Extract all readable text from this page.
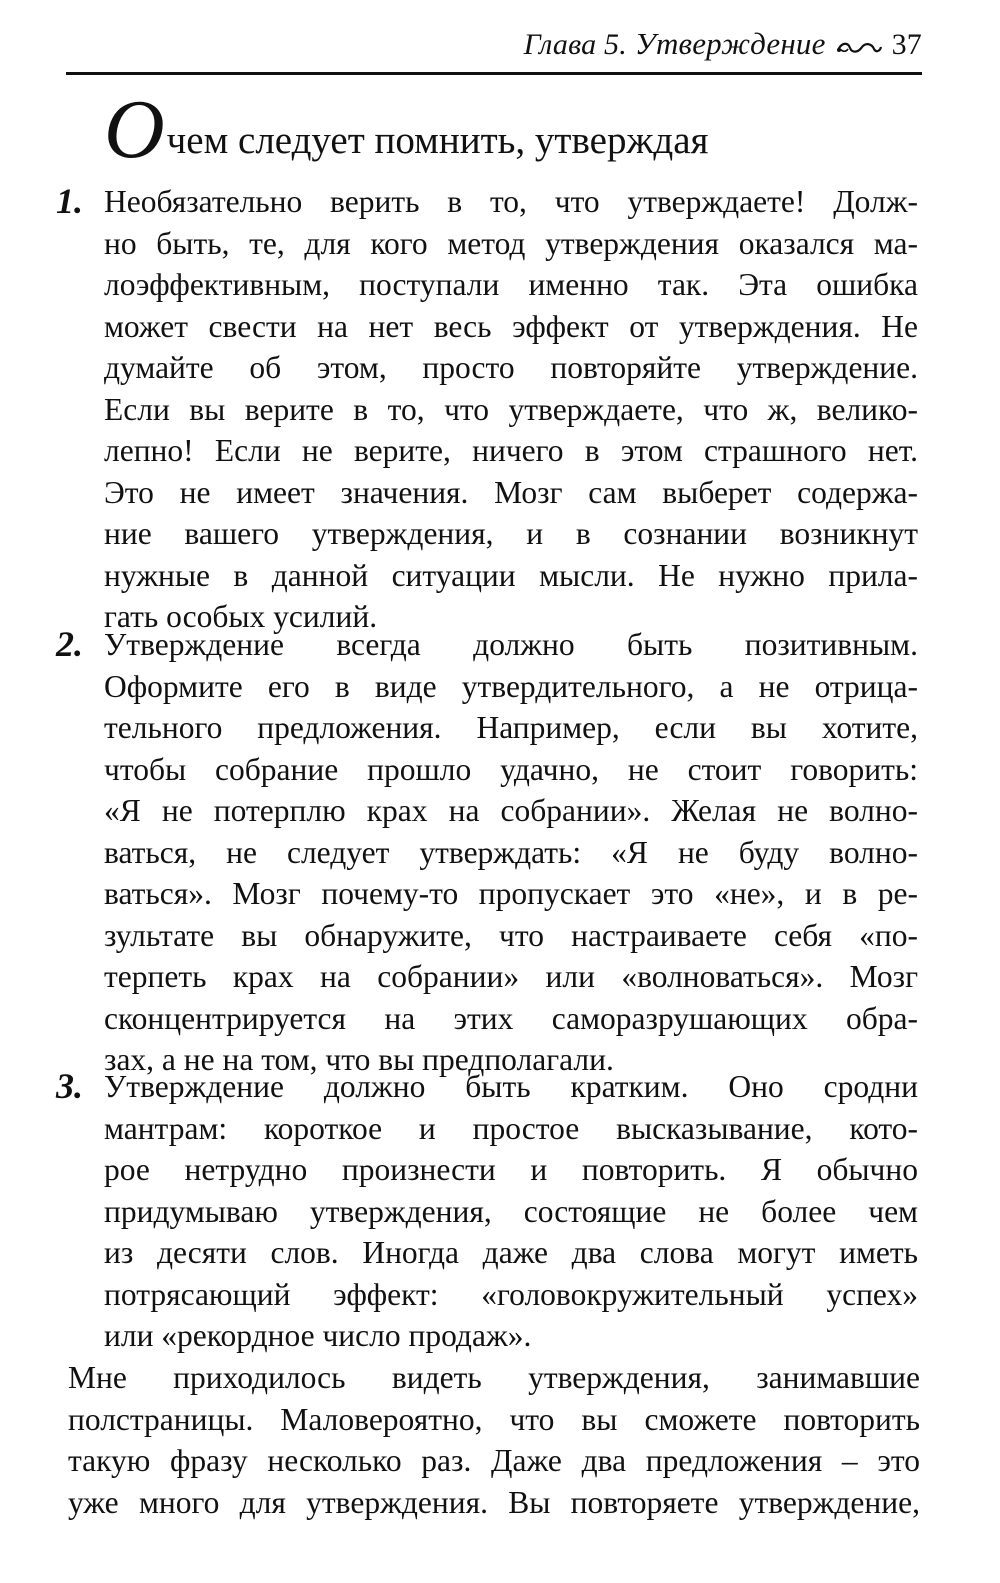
Глава 5. Утверждение 37
Очем следует помнить, утверждая
1. Необязательно верить в то, что утверждаете! Долж-
но быть, те, для кого метод утверждения оказался ма-
лоэффективным, поступали именно так. Эта ошибка
может свести на нет весь эффект от утверждения. Не
думайте об этом, просто повторяйте утверждение.
Если вы верите в то, что утверждаете, что ж, велико-
лепно! Если не верите, ничего в этом страшного нет.
Это не имеет значения. Мозг сам выберет содержа-
ние вашего утверждения, и в сознании возникнут
нужные в данной ситуации мысли. Не нужно прила-
гать особых усилий.
2. Утверждение всегда должно быть позитивным.
Оформите его в виде утвердительного, а не отрица-
тельного предложения. Например, если вы хотите,
чтобы собрание прошло удачно, не стоит говорить:
«Я не потерплю крах на собрании». Желая не волно-
ваться, не следует утверждать: «Я не буду волно-
ваться». Мозг почему-то пропускает это «не», и в ре-
зультате вы обнаружите, что настраиваете себя «по-
терпеть крах на собрании» или «волноваться». Мозг
сконцентрируется на этих саморазрушающих обра-
зах, а не на том, что вы предполагали.
3. Утверждение должно быть кратким. Оно сродни
мантрам: короткое и простое высказывание, кото-
рое нетрудно произнести и повторить. Я обычно
придумываю утверждения, состоящие не более чем
из десяти слов. Иногда даже два слова могут иметь
потрясающий эффект: «головокружительный успех»
или «рекордное число продаж».
Мне приходилось видеть утверждения, занимавшие
полстраницы. Маловероятно, что вы сможете повторить
такую фразу несколько раз. Даже два предложения – это
уже много для утверждения. Вы повторяете утверждение,
